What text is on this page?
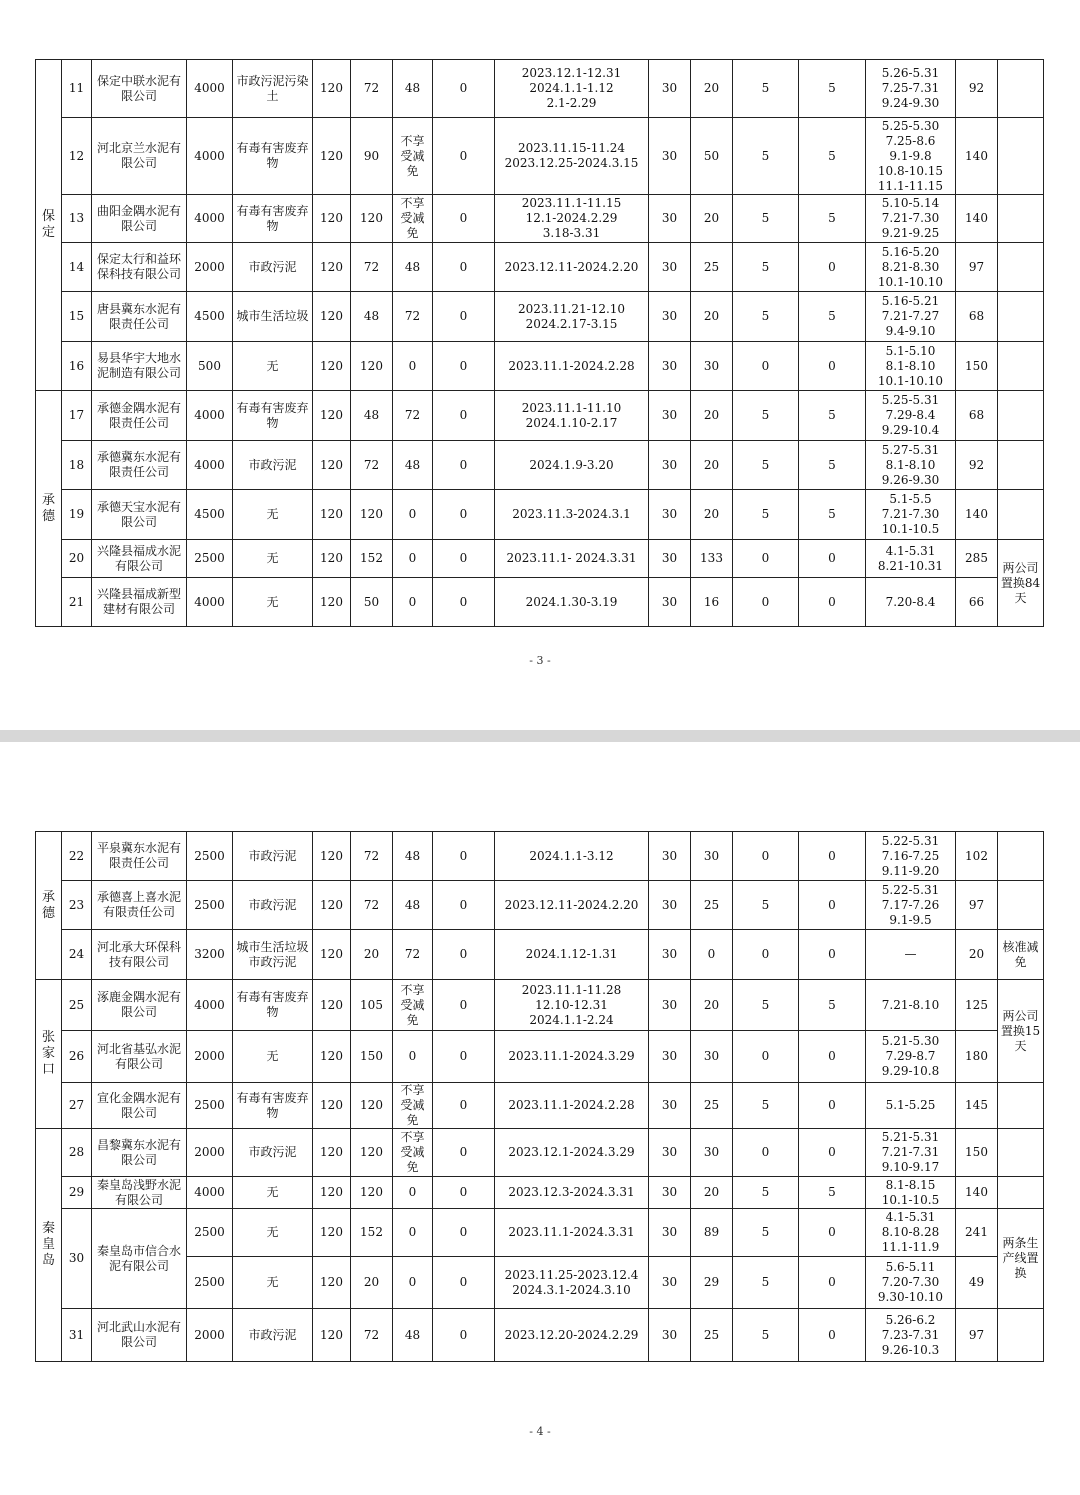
保定	11	保定中联水泥有限公司	4000	市政污泥污染土	120	72	48	0	2023.12.1-12.31
2024.1.1-1.12
2.1-2.29	30	20	5	5	5.26-5.31
7.25-7.31
9.24-9.30	92	
	12	河北京兰水泥有限公司	4000	有毒有害废弃物	120	90	不享受减免	0	2023.11.15-11.24
2023.12.25-2024.3.15	30	50	5	5	5.25-5.30
7.25-8.6
9.1-9.8
10.8-10.15
11.1-11.15	140	
	13	曲阳金隅水泥有限公司	4000	有毒有害废弃物	120	120	不享受减免	0	2023.11.1-11.15
12.1-2024.2.29
3.18-3.31	30	20	5	5	5.10-5.14
7.21-7.30
9.21-9.25	140	
	14	保定太行和益环保科技有限公司	2000	市政污泥	120	72	48	0	2023.12.11-2024.2.20	30	25	5	0	5.16-5.20
8.21-8.30
10.1-10.10	97	
	15	唐县冀东水泥有限责任公司	4500	城市生活垃圾	120	48	72	0	2023.11.21-12.10
2024.2.17-3.15	30	20	5	5	5.16-5.21
7.21-7.27
9.4-9.10	68	
	16	易县华宇大地水泥制造有限公司	500	无	120	120	0	0	2023.11.1-2024.2.28	30	30	0	0	5.1-5.10
8.1-8.10
10.1-10.10	150	
承德	17	承德金隅水泥有限责任公司	4000	有毒有害废弃物	120	48	72	0	2023.11.1-11.10
2024.1.10-2.17	30	20	5	5	5.25-5.31
7.29-8.4
9.29-10.4	68	
	18	承德冀东水泥有限责任公司	4000	市政污泥	120	72	48	0	2024.1.9-3.20	30	20	5	5	5.27-5.31
8.1-8.10
9.26-9.30	92	
	19	承德天宝水泥有限公司	4500	无	120	120	0	0	2023.11.3-2024.3.1	30	20	5	5	5.1-5.5
7.21-7.30
10.1-10.5	140	
	20	兴隆县福成水泥有限公司	2500	无	120	152	0	0	2023.11.1- 2024.3.31	30	133	0	0	4.1-5.31
8.21-10.31	285	两公司置换84天
	21	兴隆县福成新型建材有限公司	4000	无	120	50	0	0	2024.1.30-3.19	30	16	0	0	7.20-8.4	66	
- 3 -
承德	22	平泉冀东水泥有限责任公司	2500	市政污泥	120	72	48	0	2024.1.1-3.12	30	30	0	0	5.22-5.31
7.16-7.25
9.11-9.20	102	
	23	承德喜上喜水泥有限责任公司	2500	市政污泥	120	72	48	0	2023.12.11-2024.2.20	30	25	5	0	5.22-5.31
7.17-7.26
9.1-9.5	97	
	24	河北承大环保科技有限公司	3200	城市生活垃圾
市政污泥	120	20	72	0	2024.1.12-1.31	30	0	0	0	—	20	核准减免
张家口	25	涿鹿金隅水泥有限公司	4000	有毒有害废弃物	120	105	不享受减免	0	2023.11.1-11.28
12.10-12.31
2024.1.1-2.24	30	20	5	5	7.21-8.10	125	两公司置换15天
	26	河北省基弘水泥有限公司	2000	无	120	150	0	0	2023.11.1-2024.3.29	30	30	0	0	5.21-5.30
7.29-8.7
9.29-10.8	180	
	27	宣化金隅水泥有限公司	2500	有毒有害废弃物	120	120	不享受减免	0	2023.11.1-2024.2.28	30	25	5	0	5.1-5.25	145	
秦皇岛	28	昌黎冀东水泥有限公司	2000	市政污泥	120	120	不享受减免	0	2023.12.1-2024.3.29	30	30	0	0	5.21-5.31
7.21-7.31
9.10-9.17	150	
	29	秦皇岛浅野水泥有限公司	4000	无	120	120	0	0	2023.12.3-2024.3.31	30	20	5	5	8.1-8.15
10.1-10.5	140	
	30	秦皇岛市信合水泥有限公司	2500	无	120	152	0	0	2023.11.1-2024.3.31	30	89	5	0	4.1-5.31
8.10-8.28
11.1-11.9	241	两条生产线置换
			2500	无	120	20	0	0	2023.11.25-2023.12.4
2024.3.1-2024.3.10	30	29	5	0	5.6-5.11
7.20-7.30
9.30-10.10	49	
	31	河北武山水泥有限公司	2000	市政污泥	120	72	48	0	2023.12.20-2024.2.29	30	25	5	0	5.26-6.2
7.23-7.31
9.26-10.3	97	
- 4 -
